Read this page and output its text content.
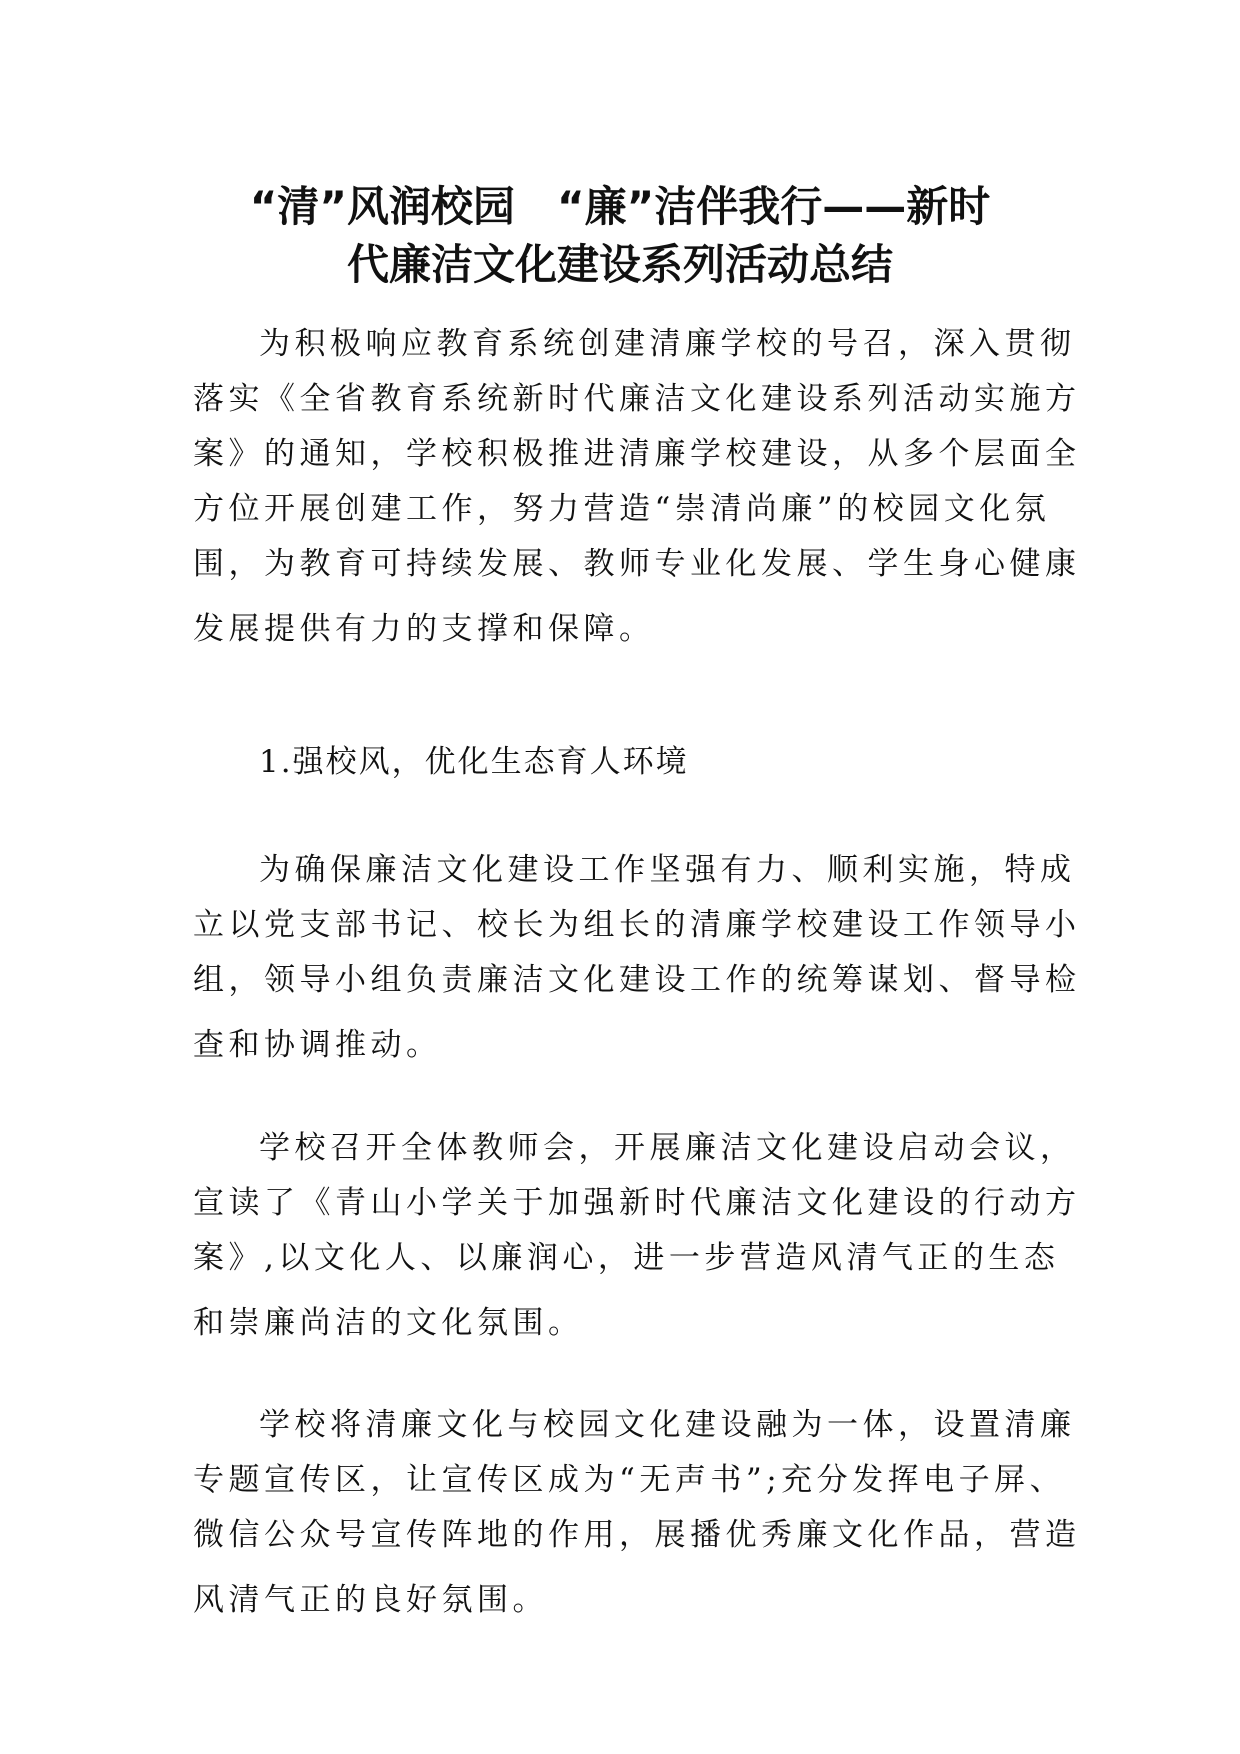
“清”风润校园　“廉”洁伴我行——新时
代廉洁文化建设系列活动总结

为积极响应教育系统创建清廉学校的号召，深入贯彻
落实《全省教育系统新时代廉洁文化建设系列活动实施方
案》的通知，学校积极推进清廉学校建设，从多个层面全
方位开展创建工作，努力营造“崇清尚廉”的校园文化氛
围，为教育可持续发展、教师专业化发展、学生身心健康
发展提供有力的支撑和保障。

1.强校风，优化生态育人环境

为确保廉洁文化建设工作坚强有力、顺利实施，特成
立以党支部书记、校长为组长的清廉学校建设工作领导小
组，领导小组负责廉洁文化建设工作的统筹谋划、督导检
查和协调推动。

学校召开全体教师会，开展廉洁文化建设启动会议，
宣读了《青山小学关于加强新时代廉洁文化建设的行动方
案》,以文化人、以廉润心，进一步营造风清气正的生态
和崇廉尚洁的文化氛围。

学校将清廉文化与校园文化建设融为一体，设置清廉
专题宣传区，让宣传区成为“无声书”;充分发挥电子屏、
微信公众号宣传阵地的作用，展播优秀廉文化作品，营造
风清气正的良好氛围。
